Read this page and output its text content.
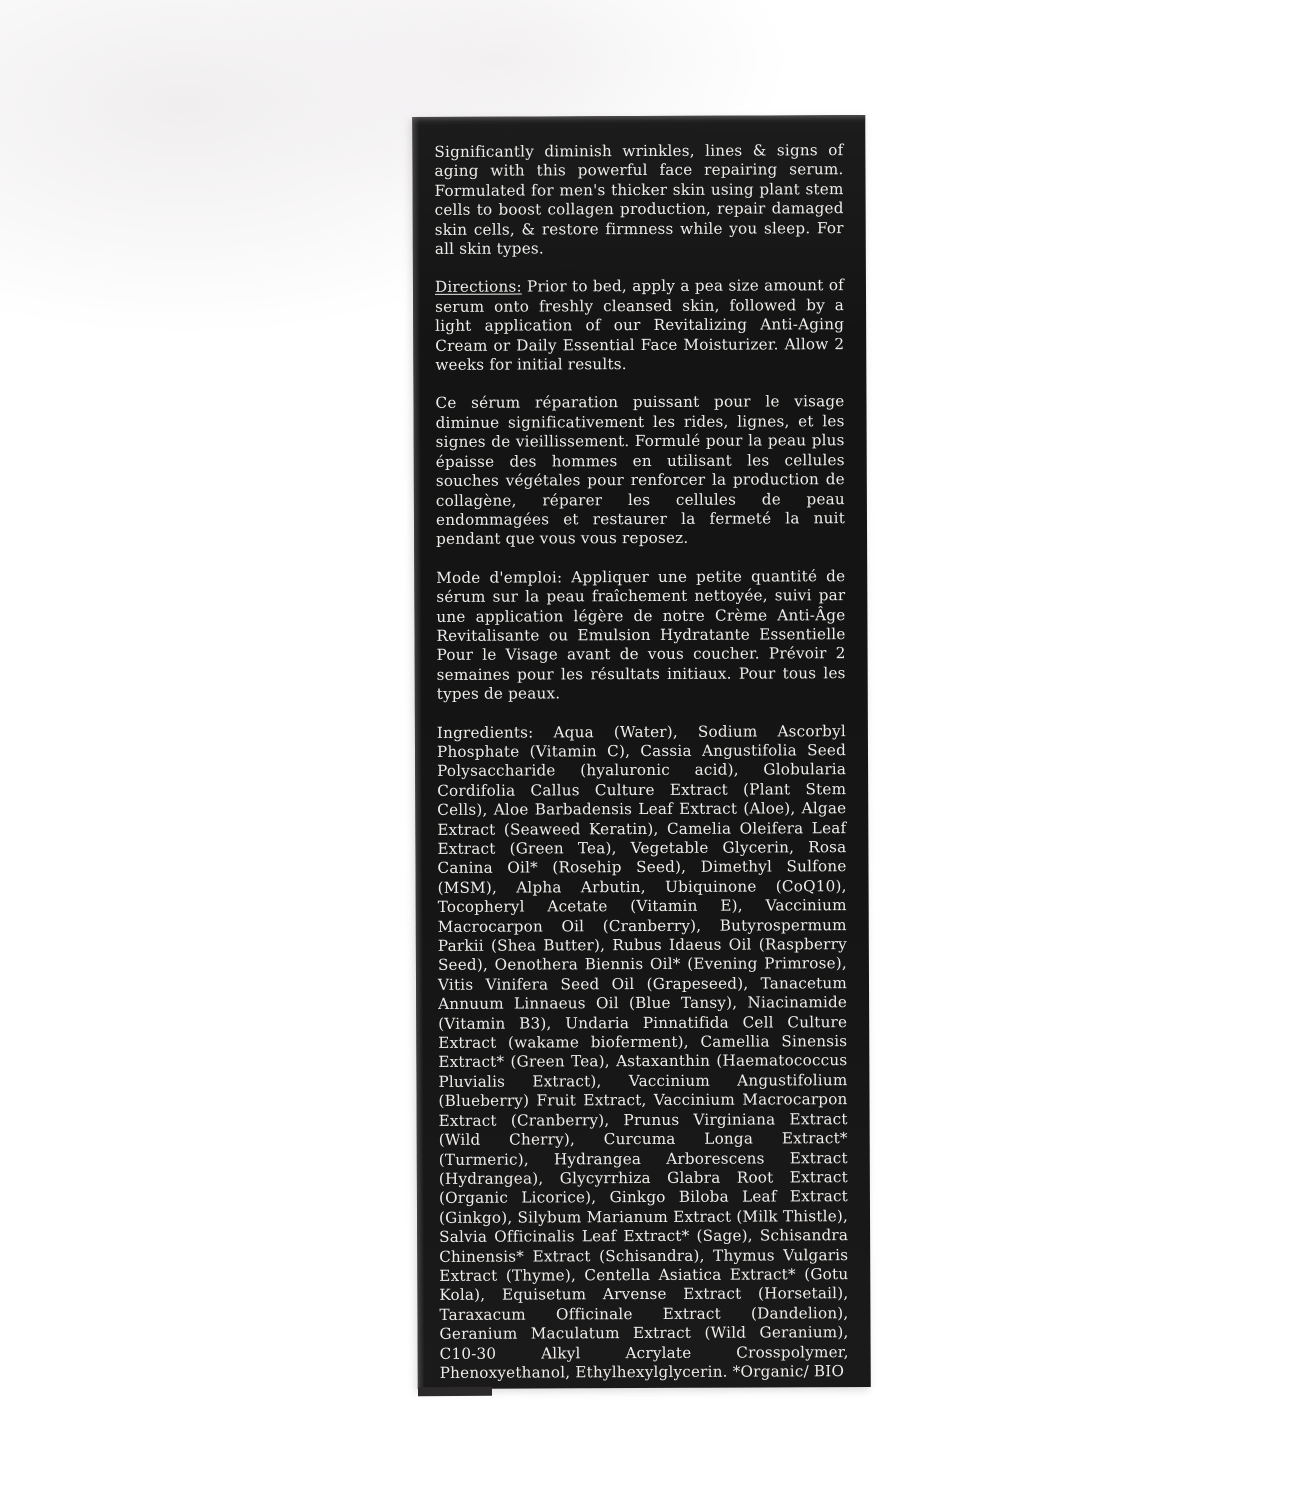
Significantly diminish wrinkles, lines & signs of aging with this powerful face repairing serum. Formulated for men's thicker skin using plant stem cells to boost collagen production, repair damaged skin cells, & restore firmness while you sleep. For all skin types.

Directions: Prior to bed, apply a pea size amount of serum onto freshly cleansed skin, followed by a light application of our Revitalizing Anti-Aging Cream or Daily Essential Face Moisturizer. Allow 2 weeks for initial results.

Ce sérum réparation puissant pour le visage diminue significativement les rides, lignes, et les signes de vieillissement. Formulé pour la peau plus épaisse des hommes en utilisant les cellules souches végétales pour renforcer la production de collagène, réparer les cellules de peau endommagées et restaurer la fermeté la nuit pendant que vous vous reposez.

Mode d'emploi: Appliquer une petite quantité de sérum sur la peau fraîchement nettoyée, suivi par une application légère de notre Crème Anti-Âge Revitalisante ou Emulsion Hydratante Essentielle Pour le Visage avant de vous coucher. Prévoir 2 semaines pour les résultats initiaux. Pour tous les types de peaux.

Ingredients: Aqua (Water), Sodium Ascorbyl Phosphate (Vitamin C), Cassia Angustifolia Seed Polysaccharide (hyaluronic acid), Globularia Cordifolia Callus Culture Extract (Plant Stem Cells), Aloe Barbadensis Leaf Extract (Aloe), Algae Extract (Seaweed Keratin), Camelia Oleifera Leaf Extract (Green Tea), Vegetable Glycerin, Rosa Canina Oil* (Rosehip Seed), Dimethyl Sulfone (MSM), Alpha Arbutin, Ubiquinone (CoQ10), Tocopheryl Acetate (Vitamin E), Vaccinium Macrocarpon Oil (Cranberry), Butyrospermum Parkii (Shea Butter), Rubus Idaeus Oil (Raspberry Seed), Oenothera Biennis Oil* (Evening Primrose), Vitis Vinifera Seed Oil (Grapeseed), Tanacetum Annuum Linnaeus Oil (Blue Tansy), Niacinamide (Vitamin B3), Undaria Pinnatifida Cell Culture Extract (wakame bioferment), Camellia Sinensis Extract* (Green Tea), Astaxanthin (Haematococcus Pluvialis Extract), Vaccinium Angustifolium (Blueberry) Fruit Extract, Vaccinium Macrocarpon Extract (Cranberry), Prunus Virginiana Extract (Wild Cherry), Curcuma Longa Extract* (Turmeric), Hydrangea Arborescens Extract (Hydrangea), Glycyrrhiza Glabra Root Extract (Organic Licorice), Ginkgo Biloba Leaf Extract (Ginkgo), Silybum Marianum Extract (Milk Thistle), Salvia Officinalis Leaf Extract* (Sage), Schisandra Chinensis* Extract (Schisandra), Thymus Vulgaris Extract (Thyme), Centella Asiatica Extract* (Gotu Kola), Equisetum Arvense Extract (Horsetail), Taraxacum Officinale Extract (Dandelion), Geranium Maculatum Extract (Wild Geranium), C10-30 Alkyl Acrylate Crosspolymer, Phenoxyethanol, Ethylhexylglycerin. *Organic/ BIO
